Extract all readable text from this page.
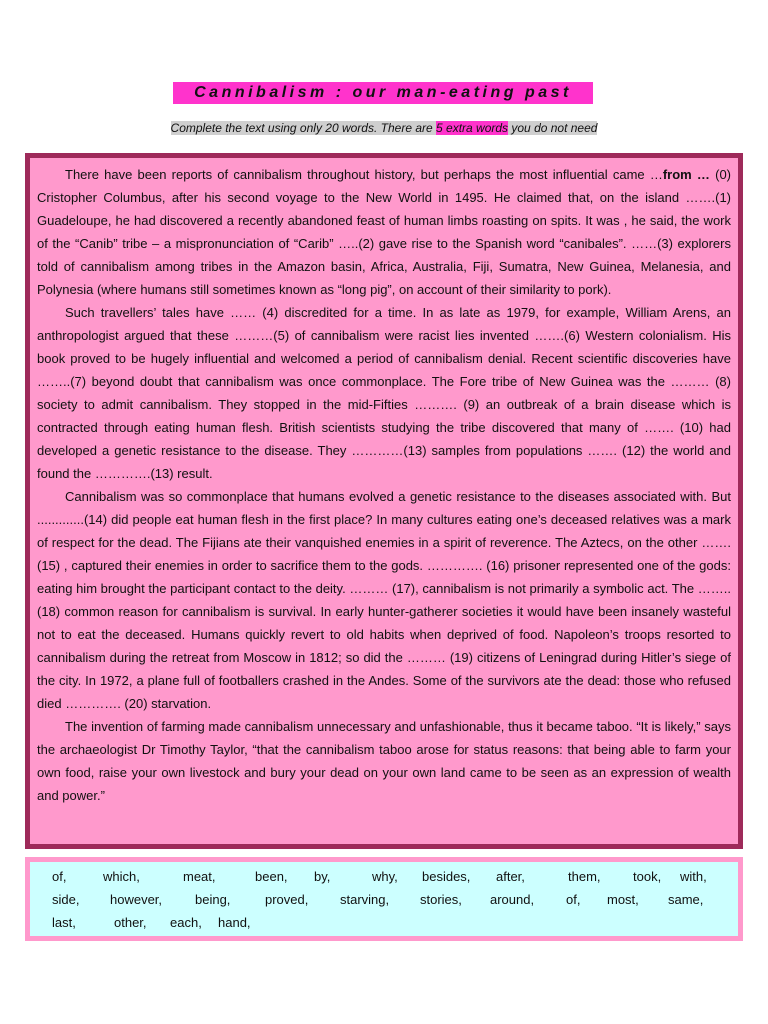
Cannibalism : our man-eating past
Complete the text using only 20 words. There are 5 extra words you do not need

There have been reports of cannibalism throughout history, but perhaps the most influential came …from … (0) Cristopher Columbus, after his second voyage to the New World in 1495. He claimed that, on the island …….(1) Guadeloupe, he had discovered a recently abandoned feast of human limbs roasting on spits. It was , he said, the work of the “Canib” tribe – a mispronunciation of “Carib” …..(2) gave rise to the Spanish word “canibales”. ……(3) explorers told of cannibalism among tribes in the Amazon basin, Africa, Australia, Fiji, Sumatra, New Guinea, Melanesia, and Polynesia (where humans still sometimes known as “long pig”, on account of their similarity to pork).

Such travellers’ tales have …… (4) discredited for a time. In as late as 1979, for example, William Arens, an anthropologist argued that these ………(5) of cannibalism were racist lies invented …….(6) Western colonialism. His book proved to be hugely influential and welcomed a period of cannibalism denial. Recent scientific discoveries have ……..(7) beyond doubt that cannibalism was once commonplace. The Fore tribe of New Guinea was the ……… (8) society to admit cannibalism. They stopped in the mid-Fifties ………. (9) an outbreak of a brain disease which is contracted through eating human flesh. British scientists studying the tribe discovered that many of ……. (10) had developed a genetic resistance to the disease. They …………(13) samples from populations ……. (12) the world and found the ………….(13) result.

Cannibalism was so commonplace that humans evolved a genetic resistance to the diseases associated with. But .............(14) did people eat human flesh in the first place? In many cultures eating one’s deceased relatives was a mark of respect for the dead. The Fijians ate their vanquished enemies in a spirit of reverence. The Aztecs, on the other …….(15) , captured their enemies in order to sacrifice them to the gods. …………. (16) prisoner represented one of the gods: eating him brought the participant contact to the deity. ……… (17), cannibalism is not primarily a symbolic act. The …….. (18) common reason for cannibalism is survival. In early hunter-gatherer societies it would have been insanely wasteful not to eat the deceased. Humans quickly revert to old habits when deprived of food. Napoleon’s troops resorted to cannibalism during the retreat from Moscow in 1812; so did the ……… (19) citizens of Leningrad during Hitler’s siege of the city. In 1972, a plane full of footballers crashed in the Andes. Some of the survivors ate the dead: those who refused died …………. (20) starvation.

The invention of farming made cannibalism unnecessary and unfashionable, thus it became taboo. “It is likely,” says the archaeologist Dr Timothy Taylor, “that the cannibalism taboo arose for status reasons: that being able to farm your own food, raise your own livestock and bury your dead on your own land came to be seen as an expression of wealth and power.”

of,	which,	meat,	been, by,	why, besides, after,	them, took, with,
side, however,	being,	proved, starving, stories, around, of, most, same,
last,	other, each, hand,
